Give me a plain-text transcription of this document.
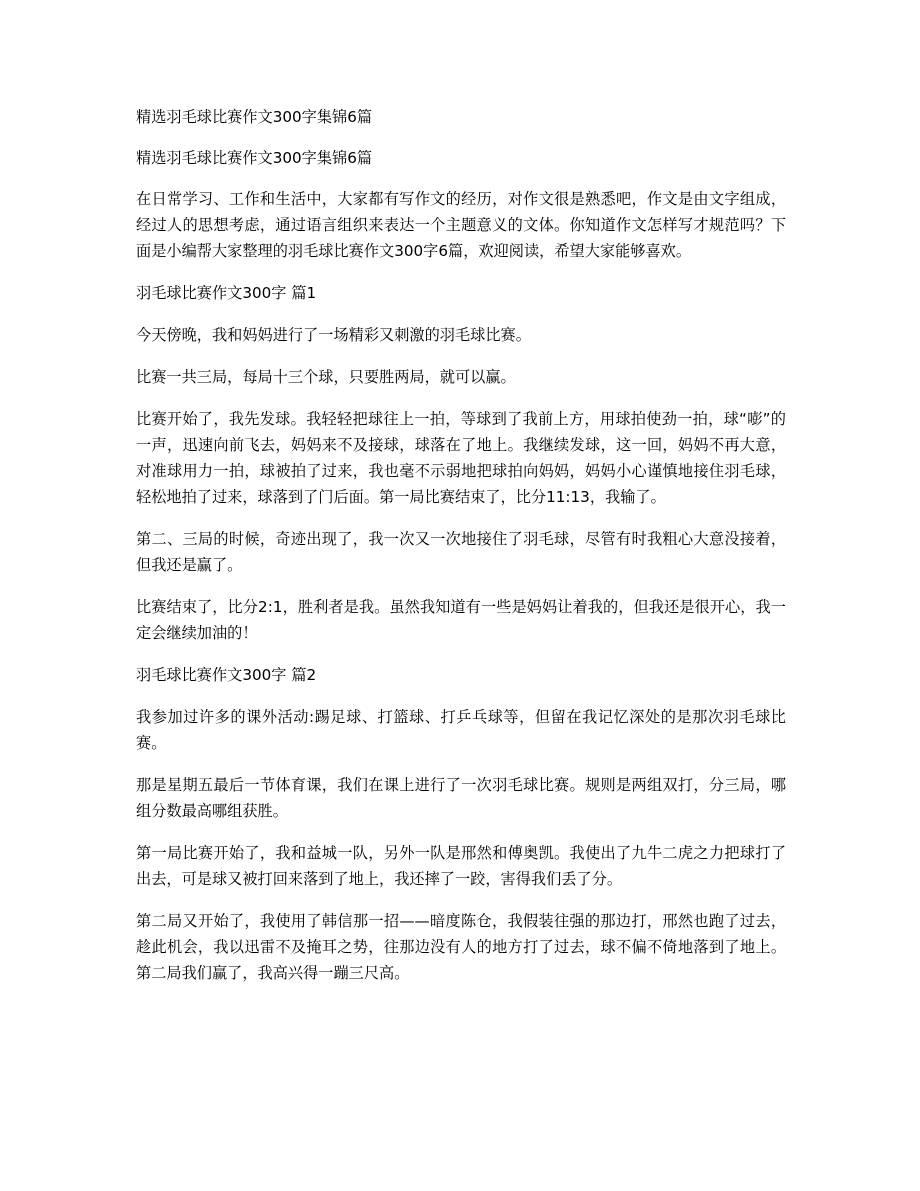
精选羽毛球比赛作文300字集锦6篇

精选羽毛球比赛作文300字集锦6篇

在日常学习、工作和生活中，大家都有写作文的经历，对作文很是熟悉吧，作文是由文字组成，经过人的思想考虑，通过语言组织来表达一个主题意义的文体。你知道作文怎样写才规范吗？下面是小编帮大家整理的羽毛球比赛作文300字6篇，欢迎阅读，希望大家能够喜欢。

羽毛球比赛作文300字 篇1

今天傍晚，我和妈妈进行了一场精彩又刺激的羽毛球比赛。

比赛一共三局，每局十三个球，只要胜两局，就可以赢。

比赛开始了，我先发球。我轻轻把球往上一拍，等球到了我前上方，用球拍使劲一拍，球“嘭”的一声，迅速向前飞去，妈妈来不及接球，球落在了地上。我继续发球，这一回，妈妈不再大意，对准球用力一拍，球被拍了过来，我也毫不示弱地把球拍向妈妈，妈妈小心谨慎地接住羽毛球，轻松地拍了过来，球落到了门后面。第一局比赛结束了，比分11:13，我输了。

第二、三局的时候，奇迹出现了，我一次又一次地接住了羽毛球，尽管有时我粗心大意没接着，但我还是赢了。

比赛结束了，比分2:1，胜利者是我。虽然我知道有一些是妈妈让着我的，但我还是很开心，我一定会继续加油的！

羽毛球比赛作文300字 篇2

我参加过许多的课外活动:踢足球、打篮球、打乒乓球等，但留在我记忆深处的是那次羽毛球比赛。

那是星期五最后一节体育课，我们在课上进行了一次羽毛球比赛。规则是两组双打，分三局，哪组分数最高哪组获胜。

第一局比赛开始了，我和益城一队，另外一队是邢然和傅奥凯。我使出了九牛二虎之力把球打了出去，可是球又被打回来落到了地上，我还摔了一跤，害得我们丢了分。

第二局又开始了，我使用了韩信那一招——暗度陈仓，我假装往强的那边打，邢然也跑了过去，趁此机会，我以迅雷不及掩耳之势，往那边没有人的地方打了过去，球不偏不倚地落到了地上。第二局我们赢了，我高兴得一蹦三尺高。
